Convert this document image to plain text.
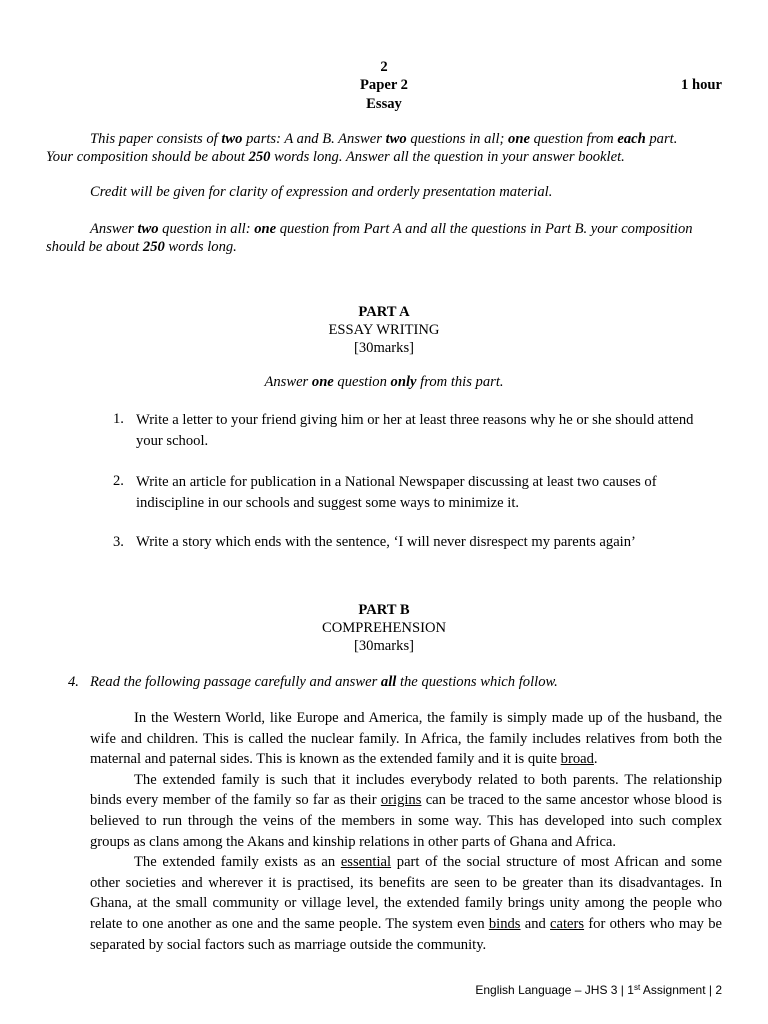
2
Paper 2	1 hour
Essay
This paper consists of two parts: A and B. Answer two questions in all; one question from each part.
Your composition should be about 250 words long. Answer all the question in your answer booklet.
Credit will be given for clarity of expression and orderly presentation material.
Answer two question in all: one question from Part A and all the questions in Part B. your composition
should be about 250 words long.
PART A
ESSAY WRITING
[30marks]
Answer one question only from this part.
1. Write a letter to your friend giving him or her at least three reasons why he or she should attend
your school.
2. Write an article for publication in a National Newspaper discussing at least two causes of
indiscipline in our schools and suggest some ways to minimize it.
3. Write a story which ends with the sentence, ‘I will never disrespect my parents again’
PART B
COMPREHENSION
[30marks]
4. Read the following passage carefully and answer all the questions which follow.

In the Western World, like Europe and America, the family is simply made up of the husband, the wife and children. This is called the nuclear family. In Africa, the family includes relatives from both the maternal and paternal sides. This is known as the extended family and it is quite broad.

The extended family is such that it includes everybody related to both parents. The relationship binds every member of the family so far as their origins can be traced to the same ancestor whose blood is believed to run through the veins of the members in some way. This has developed into such complex groups as clans among the Akans and kinship relations in other parts of Ghana and Africa.

The extended family exists as an essential part of the social structure of most African and some other societies and wherever it is practised, its benefits are seen to be greater than its disadvantages. In Ghana, at the small community or village level, the extended family brings unity among the people who relate to one another as one and the same people. The system even binds and caters for others who may be separated by social factors such as marriage outside the community.

English Language – JHS 3 | 1st Assignment | 2
